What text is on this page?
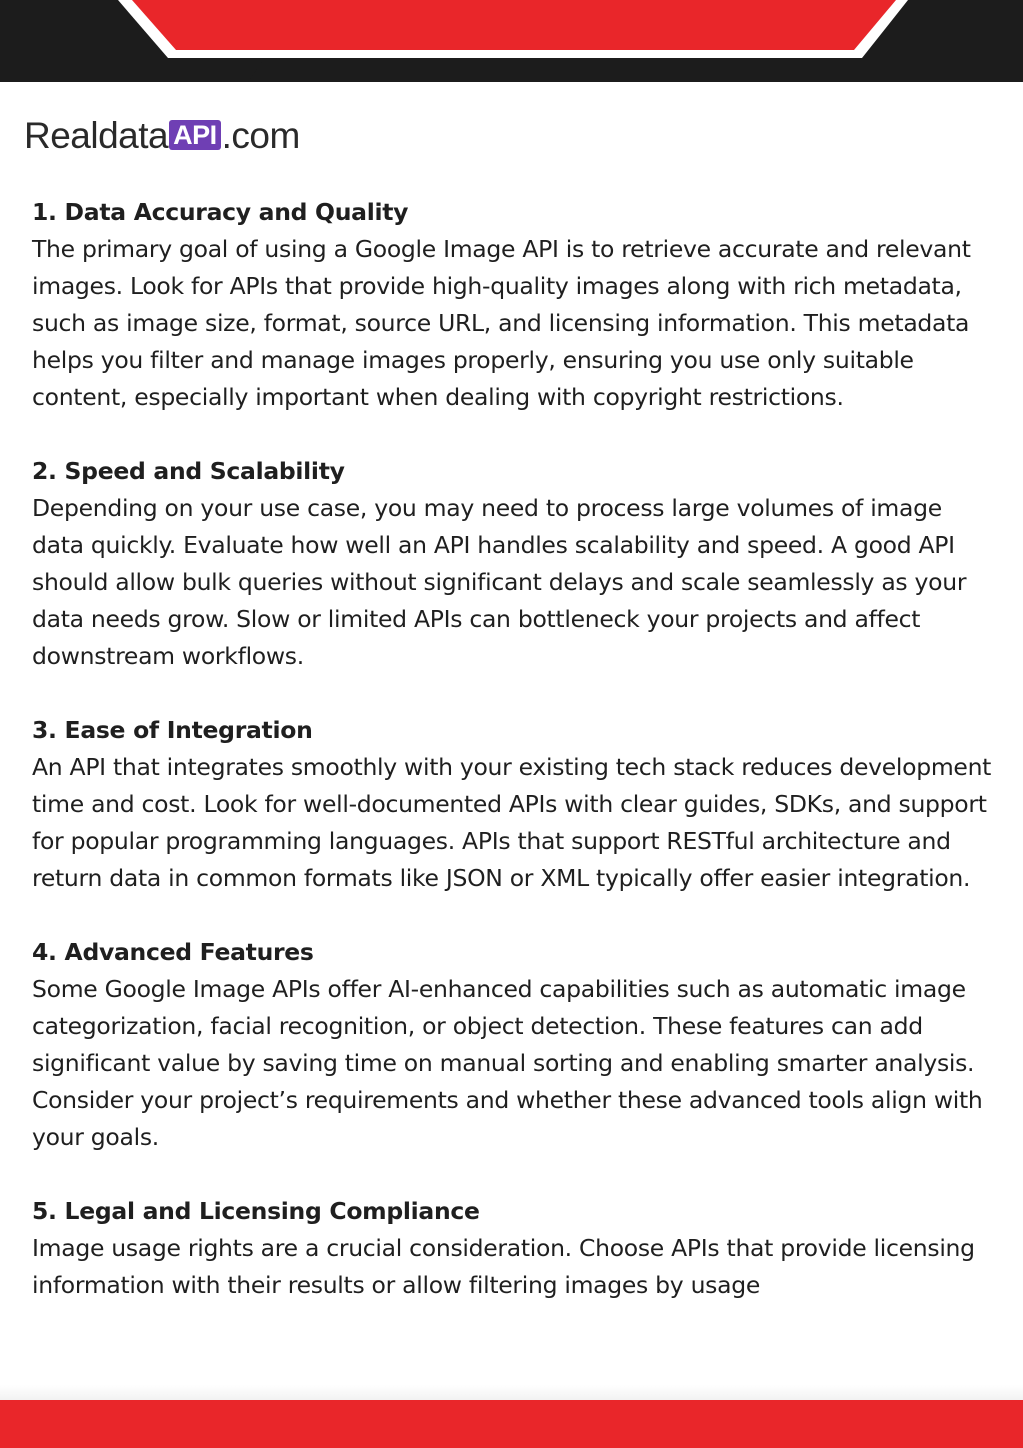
Realdata API .com

1. Data Accuracy and Quality

The primary goal of using a Google Image API is to retrieve accurate and relevant images. Look for APIs that provide high-quality images along with rich metadata, such as image size, format, source URL, and licensing information. This metadata helps you filter and manage images properly, ensuring you use only suitable content, especially important when dealing with copyright restrictions.

2. Speed and Scalability

Depending on your use case, you may need to process large volumes of image data quickly. Evaluate how well an API handles scalability and speed. A good API should allow bulk queries without significant delays and scale seamlessly as your data needs grow. Slow or limited APIs can bottleneck your projects and affect downstream workflows.

3. Ease of Integration

An API that integrates smoothly with your existing tech stack reduces development time and cost. Look for well-documented APIs with clear guides, SDKs, and support for popular programming languages. APIs that support RESTful architecture and return data in common formats like JSON or XML typically offer easier integration.

4. Advanced Features

Some Google Image APIs offer AI-enhanced capabilities such as automatic image categorization, facial recognition, or object detection. These features can add significant value by saving time on manual sorting and enabling smarter analysis. Consider your project’s requirements and whether these advanced tools align with your goals.

5. Legal and Licensing Compliance

Image usage rights are a crucial consideration. Choose APIs that provide licensing information with their results or allow filtering images by usage
